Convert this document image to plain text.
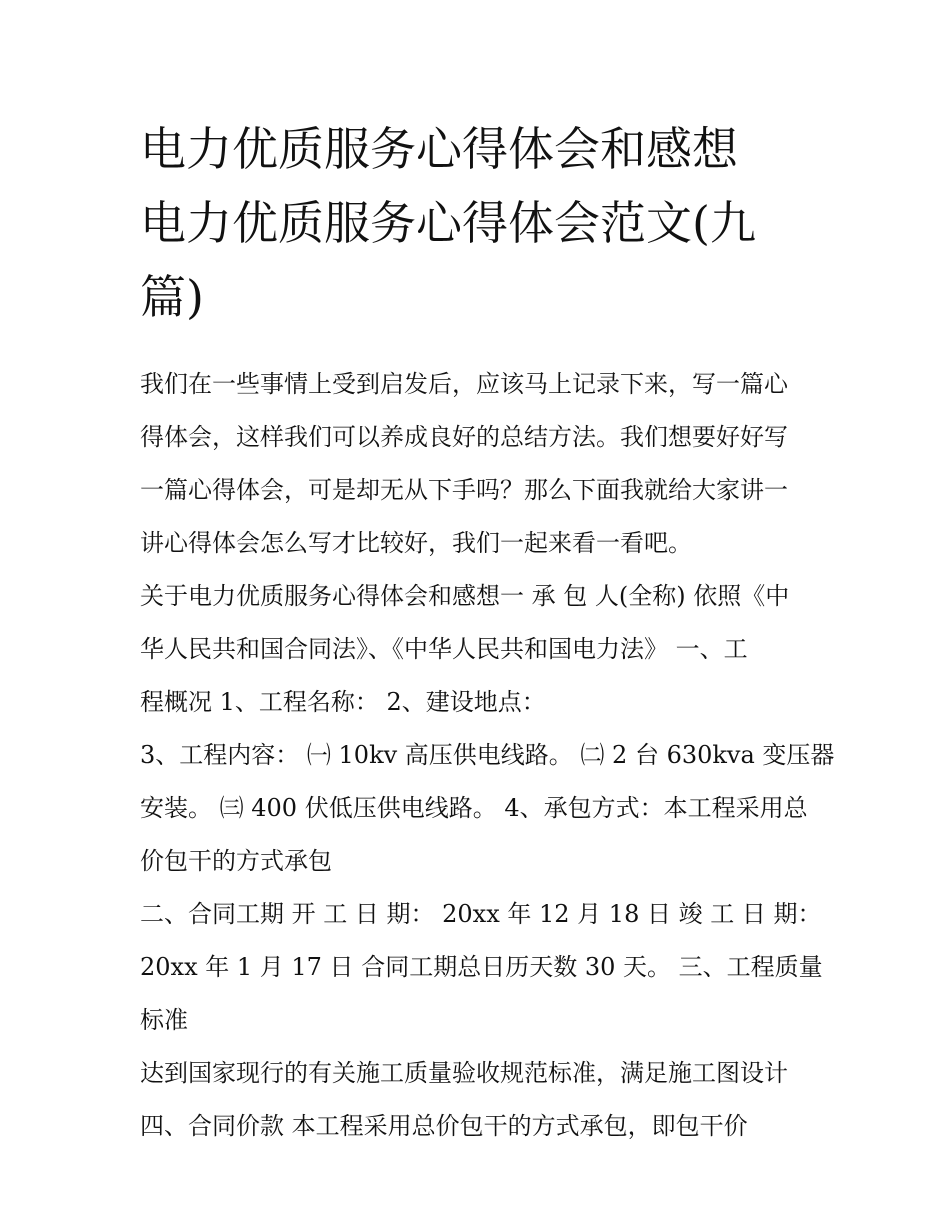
电力优质服务心得体会和感想
电力优质服务心得体会范文(九
篇)

我们在一些事情上受到启发后，应该马上记录下来，写一篇心
得体会，这样我们可以养成良好的总结方法。我们想要好好写
一篇心得体会，可是却无从下手吗？那么下面我就给大家讲一
讲心得体会怎么写才比较好，我们一起来看一看吧。

关于电力优质服务心得体会和感想一 承 包 人(全称) 依照《中
华人民共和国合同法》、《中华人民共和国电力法》 一、工
程概况 1、工程名称： 2、建设地点：

3、工程内容： ㈠ 10kv 高压供电线路。 ㈡ 2 台 630kva 变压器
安装。 ㈢ 400 伏低压供电线路。 4、承包方式：本工程采用总
价包干的方式承包

二、合同工期 开 工 日 期： 20xx 年 12 月 18 日 竣 工 日 期：
20xx 年 1 月 17 日 合同工期总日历天数 30 天。 三、工程质量
标准

达到国家现行的有关施工质量验收规范标准，满足施工图设计
四、合同价款 本工程采用总价包干的方式承包，即包干价
